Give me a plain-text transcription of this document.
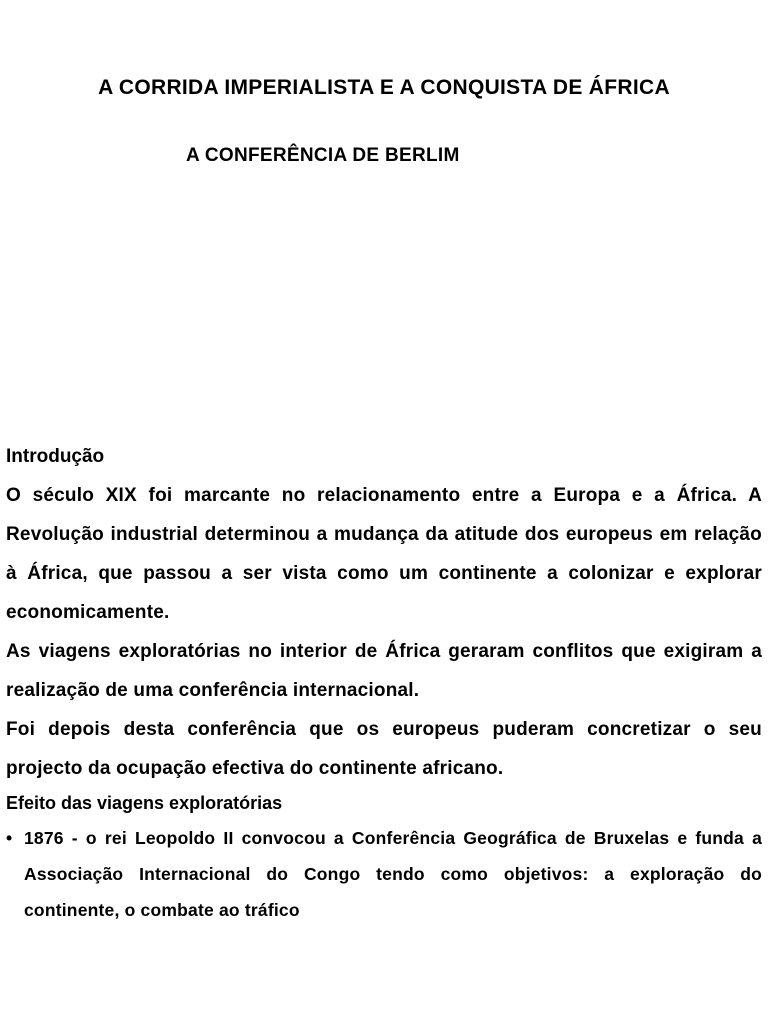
A CORRIDA IMPERIALISTA E A CONQUISTA DE ÁFRICA
A CONFERÊNCIA DE BERLIM

Introdução

O século XIX foi marcante no relacionamento entre a Europa e a África. A Revolução industrial determinou a mudança da atitude dos europeus em relação à África, que passou a ser vista como um continente a colonizar e explorar economicamente.

As viagens exploratórias no interior de África geraram conflitos que exigiram a realização de uma conferência internacional.

Foi depois desta conferência que os europeus puderam concretizar o seu projecto da ocupação efectiva do continente africano.

Efeito das viagens exploratórias

• 1876 - o rei Leopoldo II convocou a Conferência Geográfica de Bruxelas e funda a Associação Internacional do Congo tendo como objetivos: a exploração do continente, o combate ao tráfico
